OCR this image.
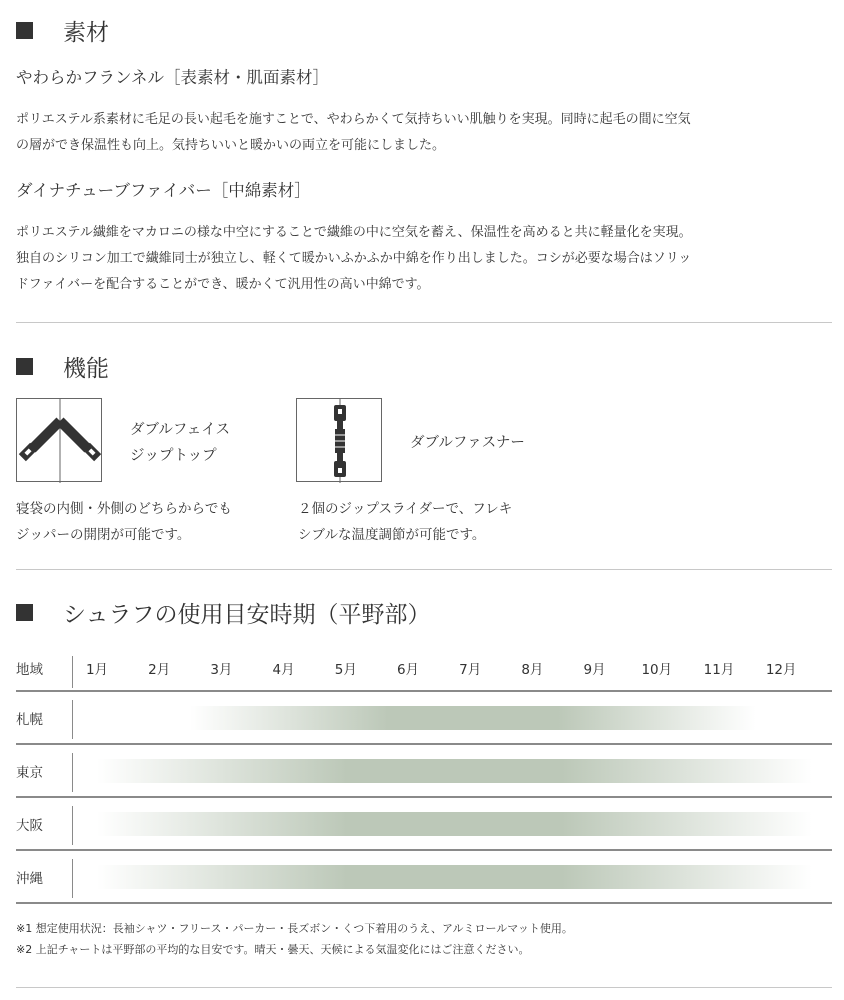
素材
やわらかフランネル［表素材・肌面素材］
ポリエステル系素材に毛足の長い起毛を施すことで、やわらかくて気持ちいい肌触りを実現。同時に起毛の間に空気
の層ができ保温性も向上。気持ちいいと暖かいの両立を可能にしました。
ダイナチューブファイバー［中綿素材］
ポリエステル繊維をマカロニの様な中空にすることで繊維の中に空気を蓄え、保温性を高めると共に軽量化を実現。
独自のシリコン加工で繊維同士が独立し、軽くて暖かいふかふか中綿を作り出しました。コシが必要な場合はソリッ
ドファイバーを配合することができ、暖かくて汎用性の高い中綿です。
機能
ダブルフェイス
ジップトップ
寝袋の内側・外側のどちらからでも
ジッパーの開閉が可能です。
ダブルファスナー
２個のジップスライダーで、フレキ
シブルな温度調節が可能です。
シュラフの使用目安時期（平野部）
地域	1月	2月	3月	4月	5月	6月	7月	8月	9月	10月 11月 12月
札幌
東京
大阪
沖縄
※1 想定使用状況：長袖シャツ・フリース・パーカー・長ズボン・くつ下着用のうえ、アルミロールマット使用。
※2 上記チャートは平野部の平均的な目安です。晴天・曇天、天候による気温変化にはご注意ください。
